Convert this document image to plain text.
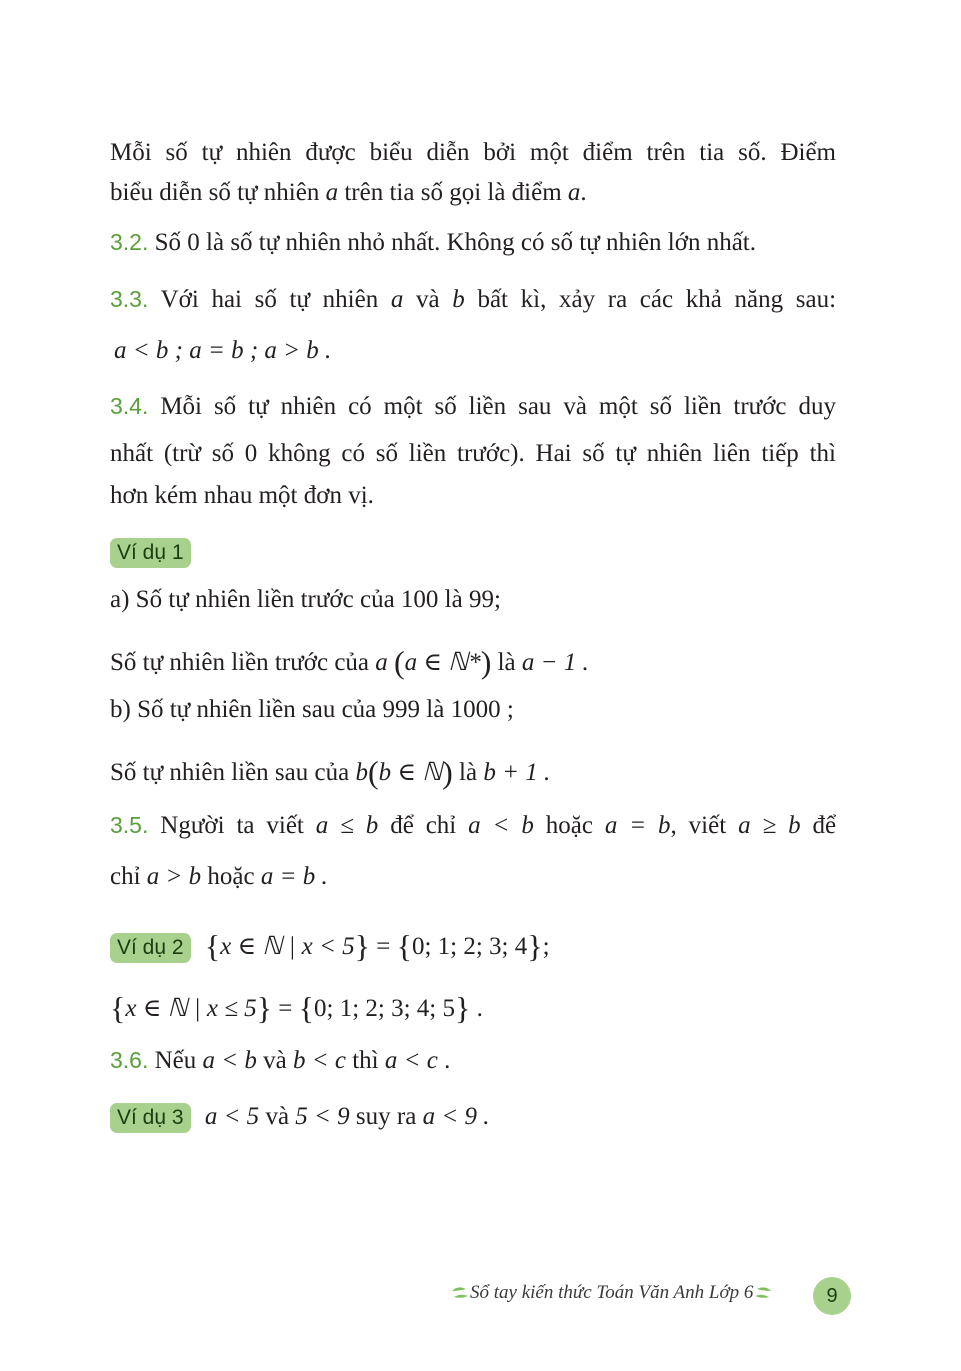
Mỗi số tự nhiên được biểu diễn bởi một điểm trên tia số. Điểm
biểu diễn số tự nhiên a trên tia số gọi là điểm a.
3.2. Số 0 là số tự nhiên nhỏ nhất. Không có số tự nhiên lớn nhất.
3.3. Với hai số tự nhiên a và b bất kì, xảy ra các khả năng sau:
a < b ; a = b ; a > b .
3.4. Mỗi số tự nhiên có một số liền sau và một số liền trước duy
nhất (trừ số 0 không có số liền trước). Hai số tự nhiên liên tiếp thì
hơn kém nhau một đơn vị.
Ví dụ 1
a) Số tự nhiên liền trước của 100 là 99;
Số tự nhiên liền trước của a (a ∈ ℕ*) là a − 1 .
b) Số tự nhiên liền sau của 999 là 1000 ;
Số tự nhiên liền sau của b(b ∈ ℕ) là b + 1 .
3.5. Người ta viết a ≤ b để chỉ a < b hoặc a = b, viết a ≥ b để
chỉ a > b hoặc a = b .
Ví dụ 2 {x ∈ ℕ | x < 5} = {0; 1; 2; 3; 4};
{x ∈ ℕ | x ≤ 5} = {0; 1; 2; 3; 4; 5} .
3.6. Nếu a < b và b < c thì a < c .
Ví dụ 3 a < 5 và 5 < 9 suy ra a < 9 .
Sổ tay kiến thức Toán Văn Anh Lớp 6	9
